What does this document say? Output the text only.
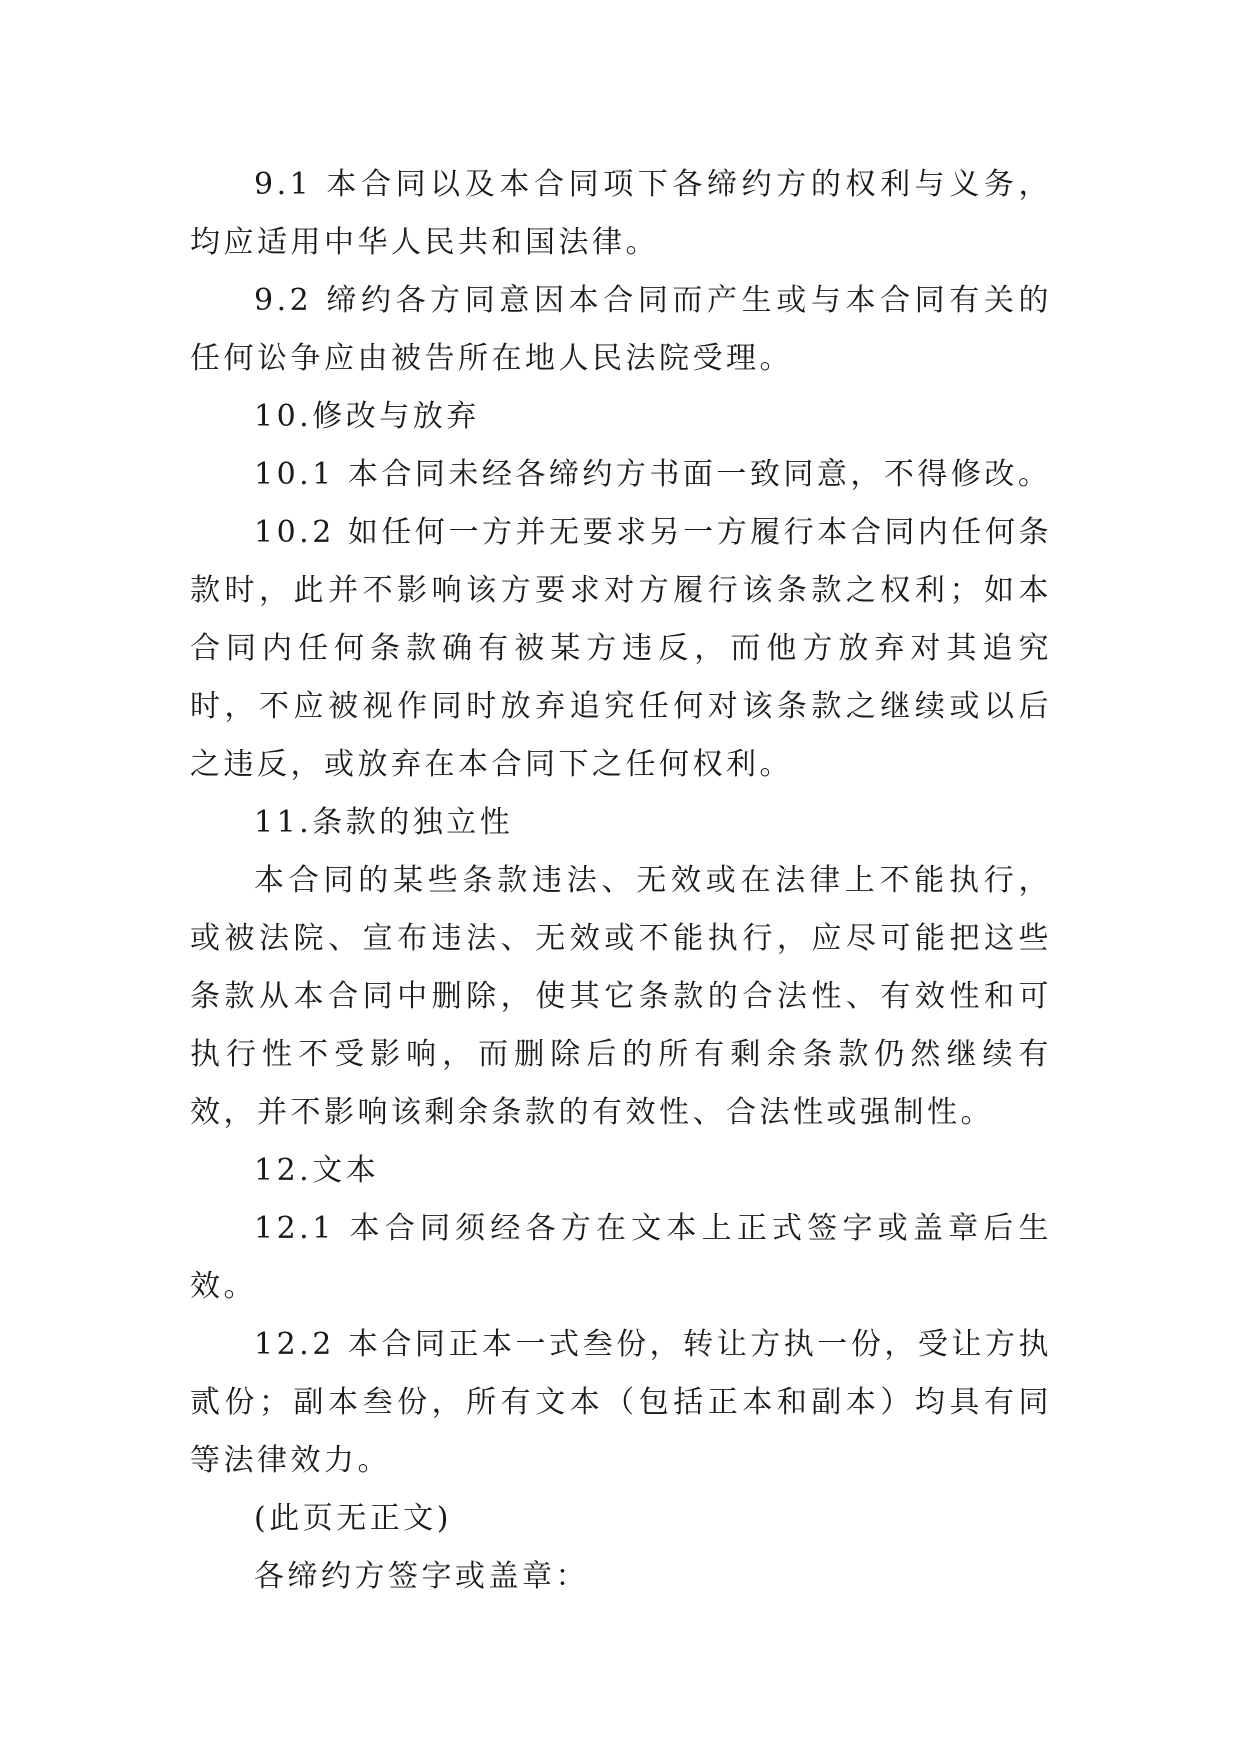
9.1 本合同以及本合同项下各缔约方的权利与义务，均应适用中华人民共和国法律。

9.2 缔约各方同意因本合同而产生或与本合同有关的任何讼争应由被告所在地人民法院受理。

10.修改与放弃

10.1 本合同未经各缔约方书面一致同意，不得修改。

10.2 如任何一方并无要求另一方履行本合同内任何条款时，此并不影响该方要求对方履行该条款之权利；如本合同内任何条款确有被某方违反，而他方放弃对其追究时，不应被视作同时放弃追究任何对该条款之继续或以后之违反，或放弃在本合同下之任何权利。

11.条款的独立性

本合同的某些条款违法、无效或在法律上不能执行，或被法院、宣布违法、无效或不能执行，应尽可能把这些条款从本合同中删除，使其它条款的合法性、有效性和可执行性不受影响，而删除后的所有剩余条款仍然继续有效，并不影响该剩余条款的有效性、合法性或强制性。

12.文本

12.1 本合同须经各方在文本上正式签字或盖章后生效。

12.2 本合同正本一式叁份，转让方执一份，受让方执贰份；副本叁份，所有文本（包括正本和副本）均具有同等法律效力。

(此页无正文)

各缔约方签字或盖章：
